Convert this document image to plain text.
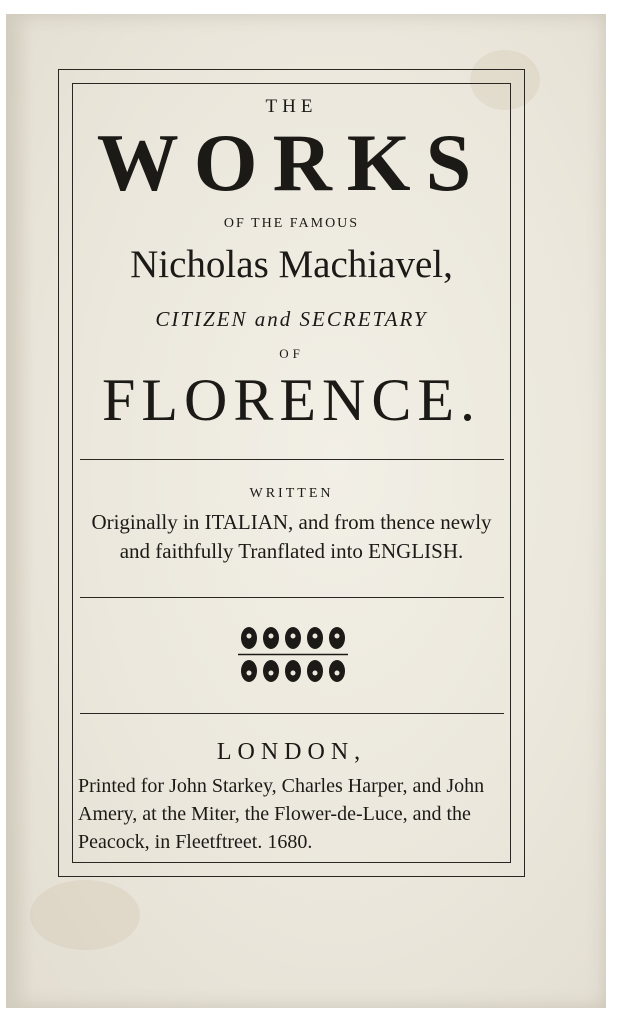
THE
WORKS
OF THE FAMOUS
Nicholas Machiavel,
CITIZEN and SECRETARY
OF
FLORENCE.
WRITTEN
Originally in ITALIAN, and from thence newly
and faithfully Tranflated into ENGLISH.
LONDON,
Printed for John Starkey, Charles Harper, and John
Amery, at the Miter, the Flower-de-Luce, and the
Peacock, in Fleetftreet. 1680.
